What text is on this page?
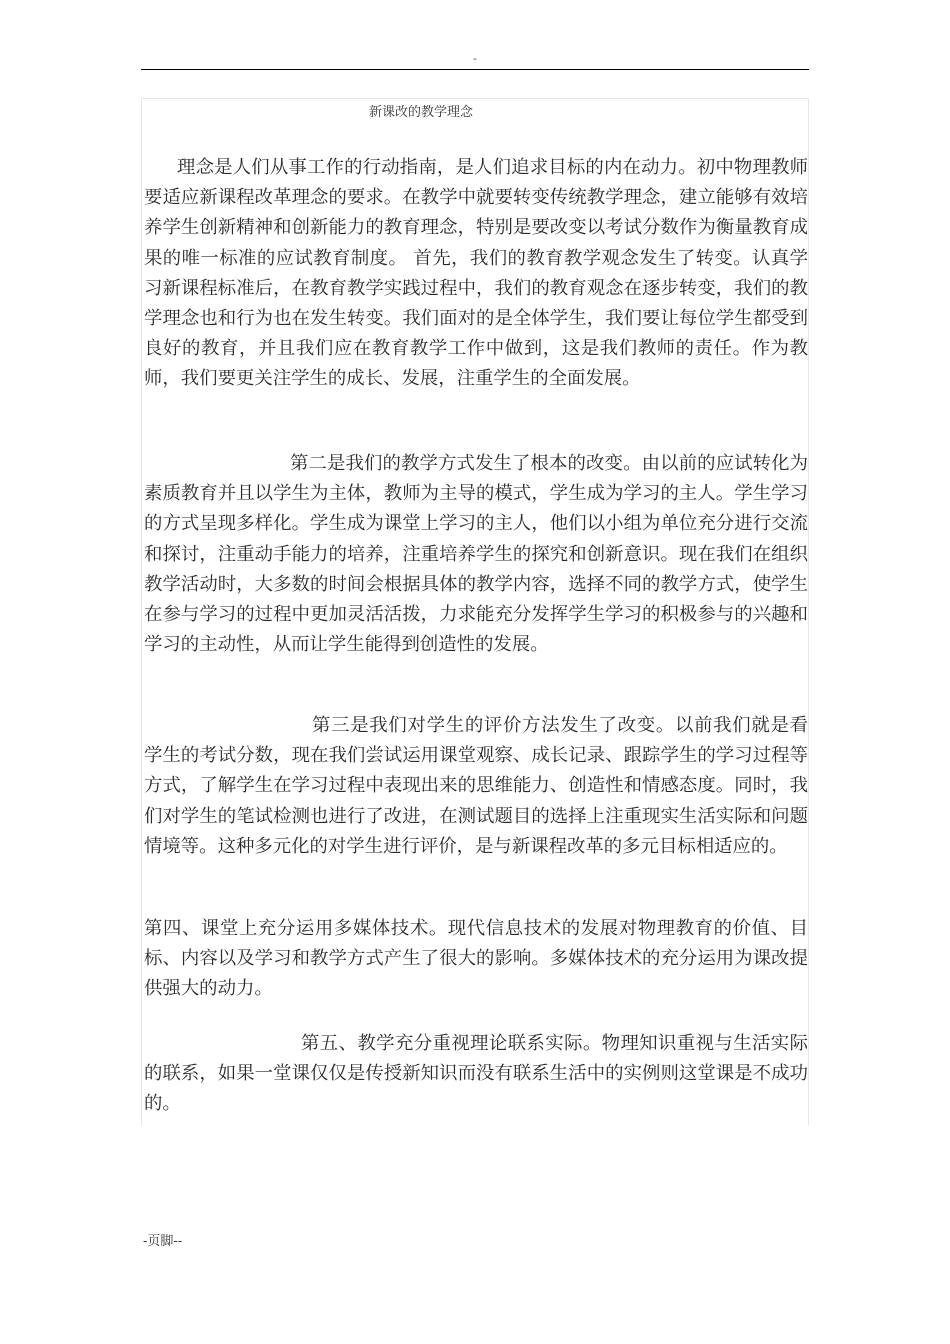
-
新课改的教学理念

理念是人们从事工作的行动指南，是人们追求目标的内在动力。初中物理教师要适应新课程改革理念的要求。在教学中就要转变传统教学理念，建立能够有效培养学生创新精神和创新能力的教育理念，特别是要改变以考试分数作为衡量教育成果的唯一标准的应试教育制度。 首先，我们的教育教学观念发生了转变。认真学习新课程标准后，在教育教学实践过程中，我们的教育观念在逐步转变，我们的教学理念也和行为也在发生转变。我们面对的是全体学生，我们要让每位学生都受到良好的教育，并且我们应在教育教学工作中做到，这是我们教师的责任。作为教师，我们要更关注学生的成长、发展，注重学生的全面发展。

第二是我们的教学方式发生了根本的改变。由以前的应试转化为素质教育并且以学生为主体，教师为主导的模式，学生成为学习的主人。学生学习的方式呈现多样化。学生成为课堂上学习的主人，他们以小组为单位充分进行交流和探讨，注重动手能力的培养，注重培养学生的探究和创新意识。现在我们在组织教学活动时，大多数的时间会根据具体的教学内容，选择不同的教学方式，使学生在参与学习的过程中更加灵活活拨，力求能充分发挥学生学习的积极参与的兴趣和学习的主动性，从而让学生能得到创造性的发展。

第三是我们对学生的评价方法发生了改变。以前我们就是看学生的考试分数，现在我们尝试运用课堂观察、成长记录、跟踪学生的学习过程等方式，了解学生在学习过程中表现出来的思维能力、创造性和情感态度。同时，我们对学生的笔试检测也进行了改进，在测试题目的选择上注重现实生活实际和问题情境等。这种多元化的对学生进行评价，是与新课程改革的多元目标相适应的。

第四、课堂上充分运用多媒体技术。现代信息技术的发展对物理教育的价值、目标、内容以及学习和教学方式产生了很大的影响。多媒体技术的充分运用为课改提供强大的动力。

第五、教学充分重视理论联系实际。物理知识重视与生活实际的联系，如果一堂课仅仅是传授新知识而没有联系生活中的实例则这堂课是不成功的。

-页脚--
